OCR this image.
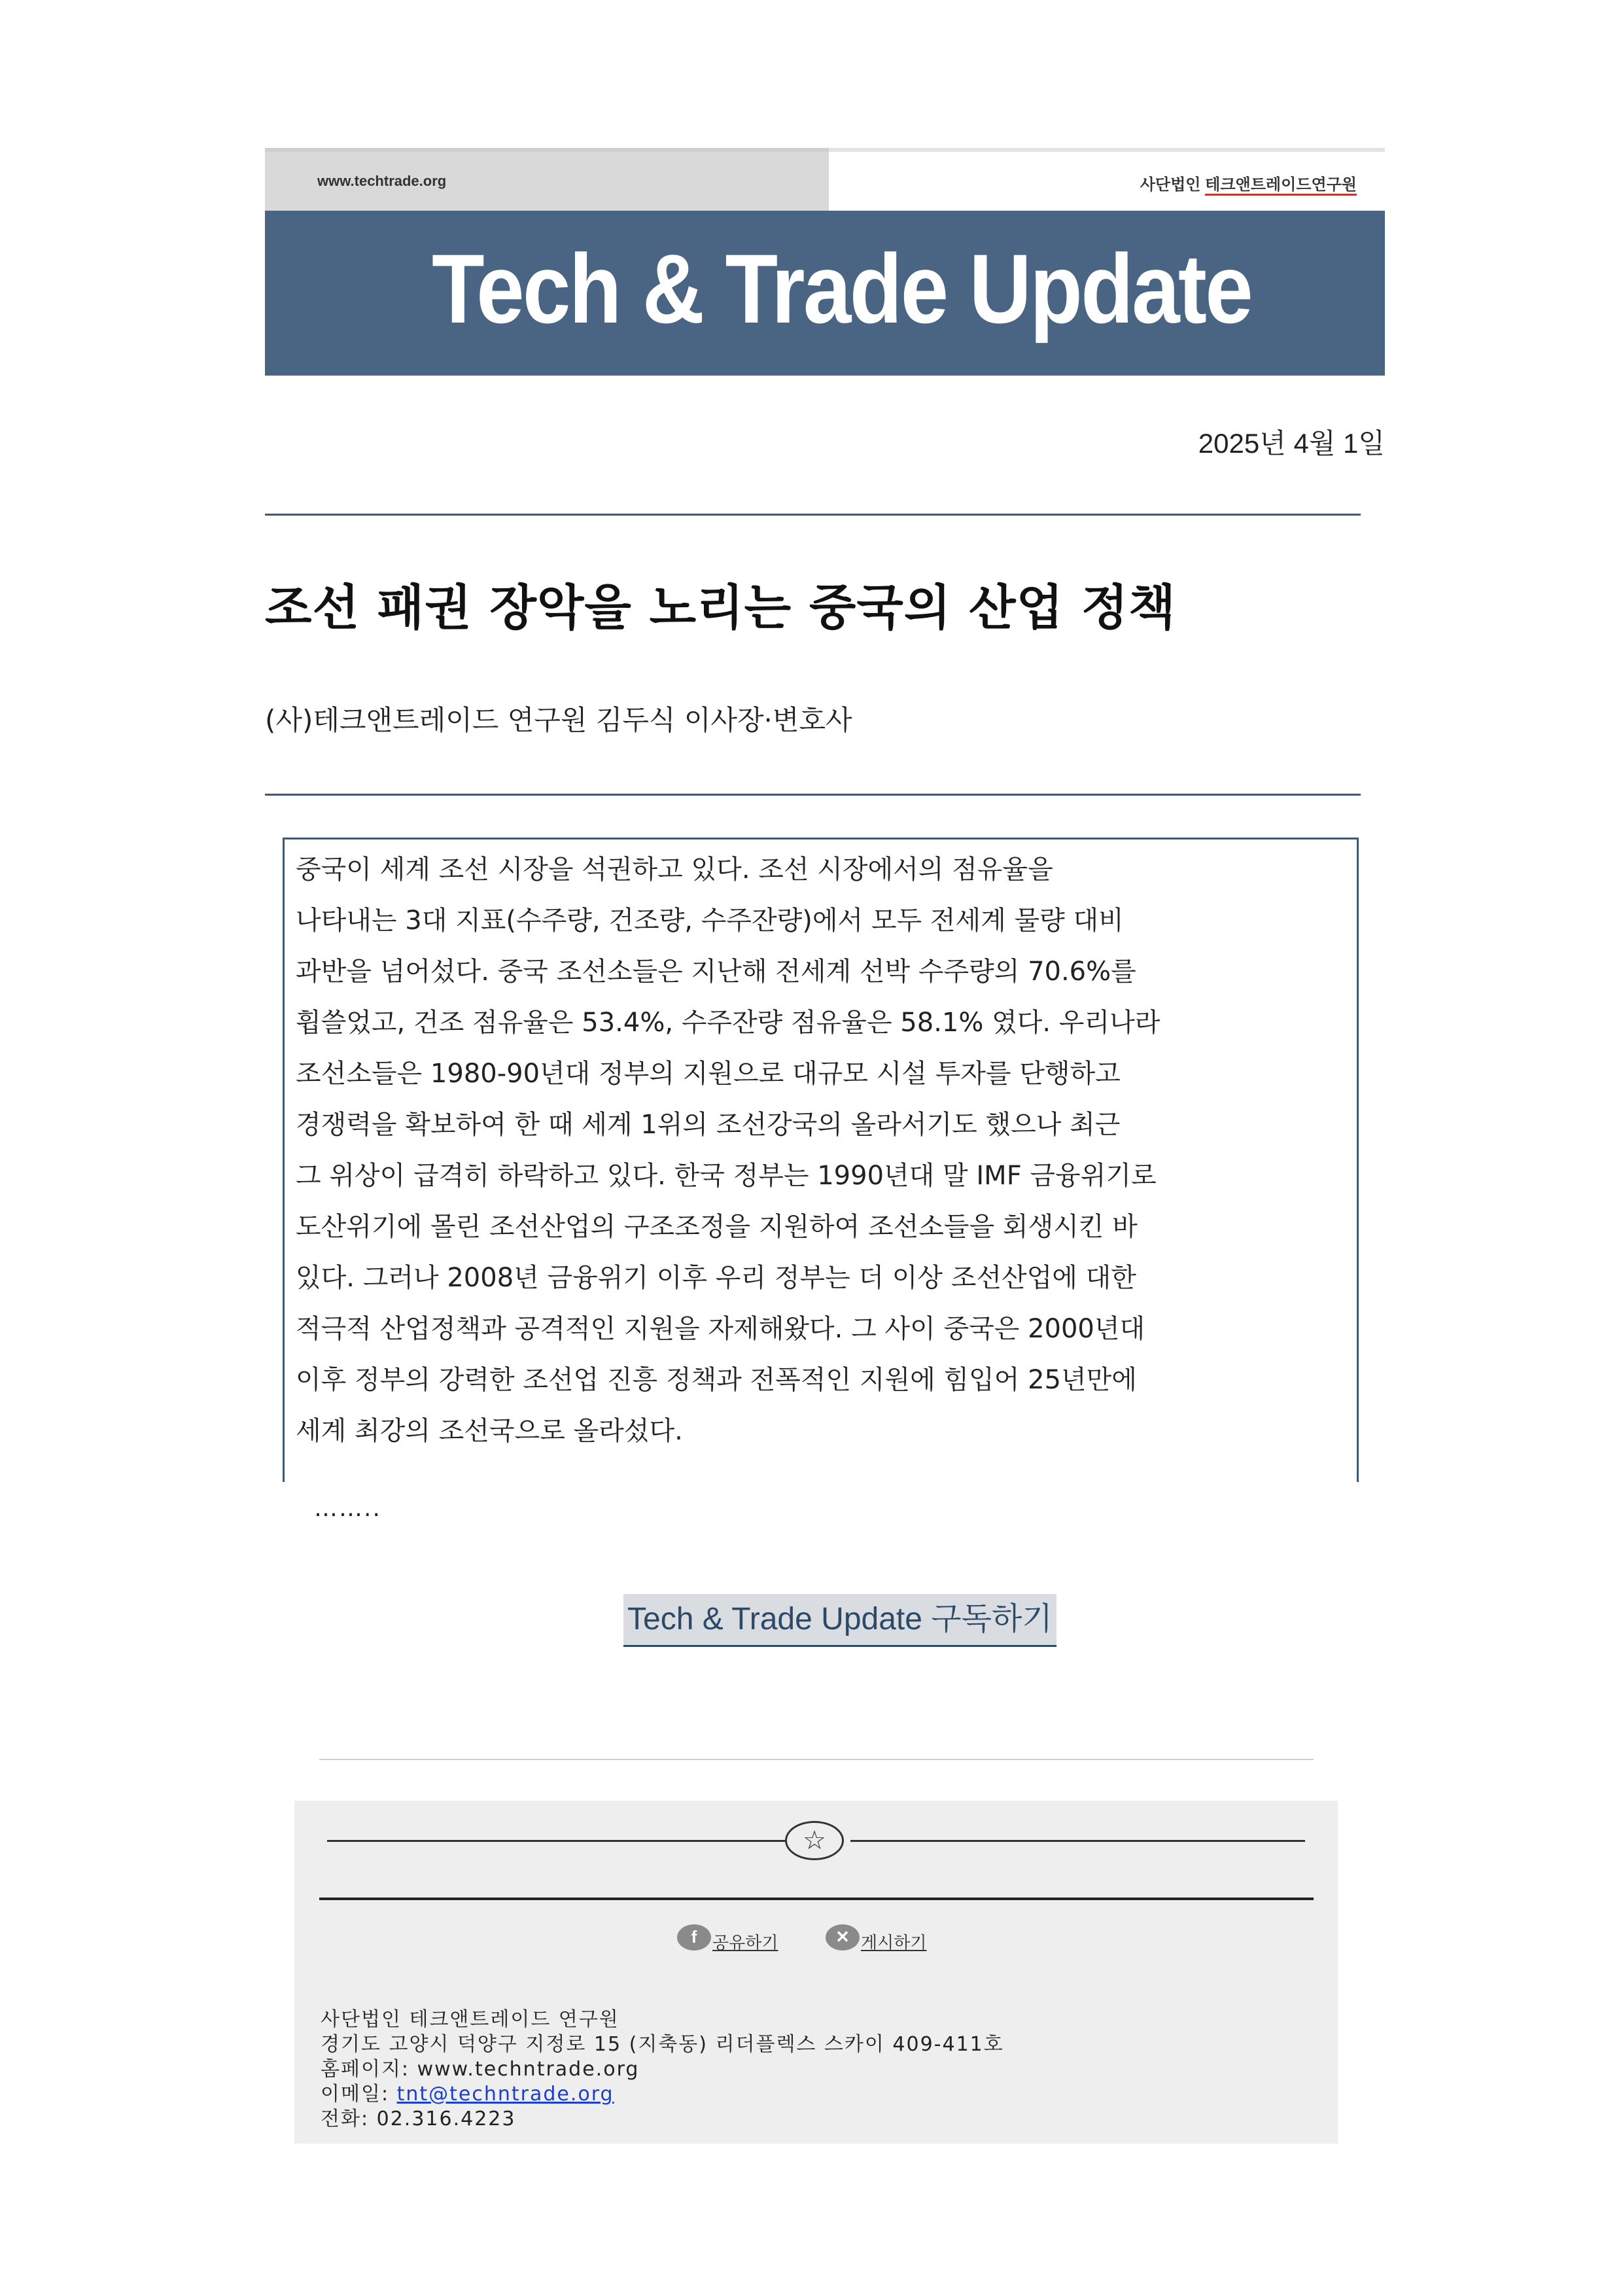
www.techtrade.org	사단법인 테크앤트레이드연구원
Tech & Trade Update
2025년 4월 1일
조선 패권 장악을 노리는 중국의 산업 정책
(사)테크앤트레이드 연구원 김두식 이사장·변호사
중국이 세계 조선 시장을 석권하고 있다. 조선 시장에서의 점유율을
나타내는 3대 지표(수주량, 건조량, 수주잔량)에서 모두 전세계 물량 대비
과반을 넘어섰다. 중국 조선소들은 지난해 전세계 선박 수주량의 70.6%를
휩쓸었고, 건조 점유율은 53.4%, 수주잔량 점유율은 58.1% 였다. 우리나라
조선소들은 1980-90년대 정부의 지원으로 대규모 시설 투자를 단행하고
경쟁력을 확보하여 한 때 세계 1위의 조선강국의 올라서기도 했으나 최근
그 위상이 급격히 하락하고 있다. 한국 정부는 1990년대 말 IMF 금융위기로
도산위기에 몰린 조선산업의 구조조정을 지원하여 조선소들을 회생시킨 바
있다. 그러나 2008년 금융위기 이후 우리 정부는 더 이상 조선산업에 대한
적극적 산업정책과 공격적인 지원을 자제해왔다. 그 사이 중국은 2000년대
이후 정부의 강력한 조선업 진흥 정책과 전폭적인 지원에 힘입어 25년만에
세계 최강의 조선국으로 올라섰다.
……..
Tech & Trade Update 구독하기
☆
f 공유하기	✕ 게시하기
사단법인 테크앤트레이드 연구원
경기도 고양시 덕양구 지정로 15 (지축동) 리더플렉스 스카이 409-411호
홈페이지: www.techntrade.org
이메일: tnt@techntrade.org
전화: 02.316.4223
